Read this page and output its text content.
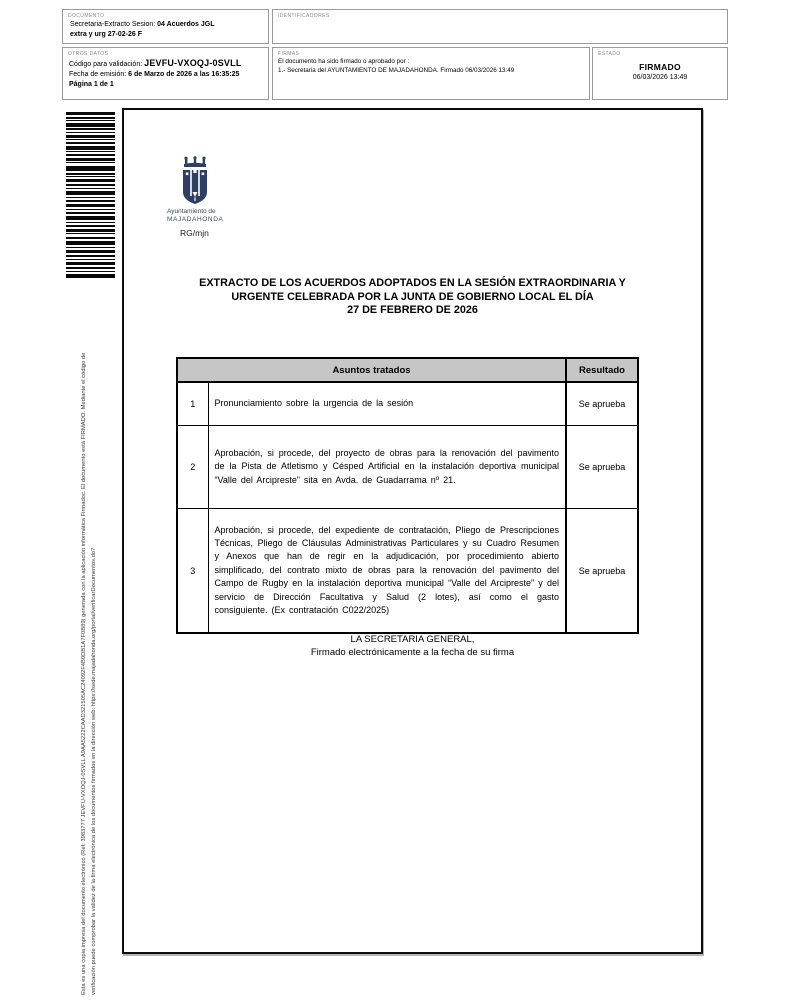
DOCUMENTO
Secretaria-Extracto Sesion: 04 Acuerdos JGL
extra y urg 27-02-26 F
IDENTIFICADORES
OTROS DATOS
Código para validación: JEVFU-VXOQJ-0SVLL
Fecha de emisión: 6 de Marzo de 2026 a las 16:35:25
Página 1 de 1
FIRMAS
El documento ha sido firmado o aprobado por :
1.- Secretaria del AYUNTAMIENTO DE MAJADAHONDA. Firmado 06/03/2026 13:49
ESTADO
FIRMADO
06/03/2026 13:49
Esta es una copia impresa del documento electrónico (Ref: 3983777 JEVFU-VXOQJ-0SVLL A9AA5222CAAD321505AC24092F4B0DB1A7F0B89) generada con la aplicación informática Firmadoc. El documento está FIRMADO. Mediante el código de verificación puede comprobar la validez de la firma electrónica de los documentos firmados en la dirección web: https://sede.majadahonda.org/portal/verificarDocumentos.do?
Ayuntamiento de
MAJADAHONDA
RG/mjn
EXTRACTO DE LOS ACUERDOS ADOPTADOS EN LA SESIÓN EXTRAORDINARIA Y
URGENTE CELEBRADA POR LA JUNTA DE GOBIERNO LOCAL EL DÍA
27 DE FEBRERO DE 2026
Asuntos tratados		Resultado
1	Pronunciamiento sobre la urgencia de la sesión	Se aprueba
2	Aprobación, si procede, del proyecto de obras para la renovación del pavimento de la Pista de Atletismo y Césped Artificial en la instalación deportiva municipal “Valle del Arcipreste” sita en Avda. de Guadarrama nº 21.	Se aprueba
3	Aprobación, si procede, del expediente de contratación, Pliego de Prescripciones Técnicas, Pliego de Cláusulas Administrativas Particulares y su Cuadro Resumen y Anexos que han de regir en la adjudicación, por procedimiento abierto simplificado, del contrato mixto de obras para la renovación del pavimento del Campo de Rugby en la instalación deportiva municipal “Valle del Arcipreste” y del servicio de Dirección Facultativa y Salud (2 lotes), así como el gasto consiguiente. (Ex contratación C022/2025)	Se aprueba
LA SECRETARIA GENERAL,
Firmado electrónicamente a la fecha de su firma
